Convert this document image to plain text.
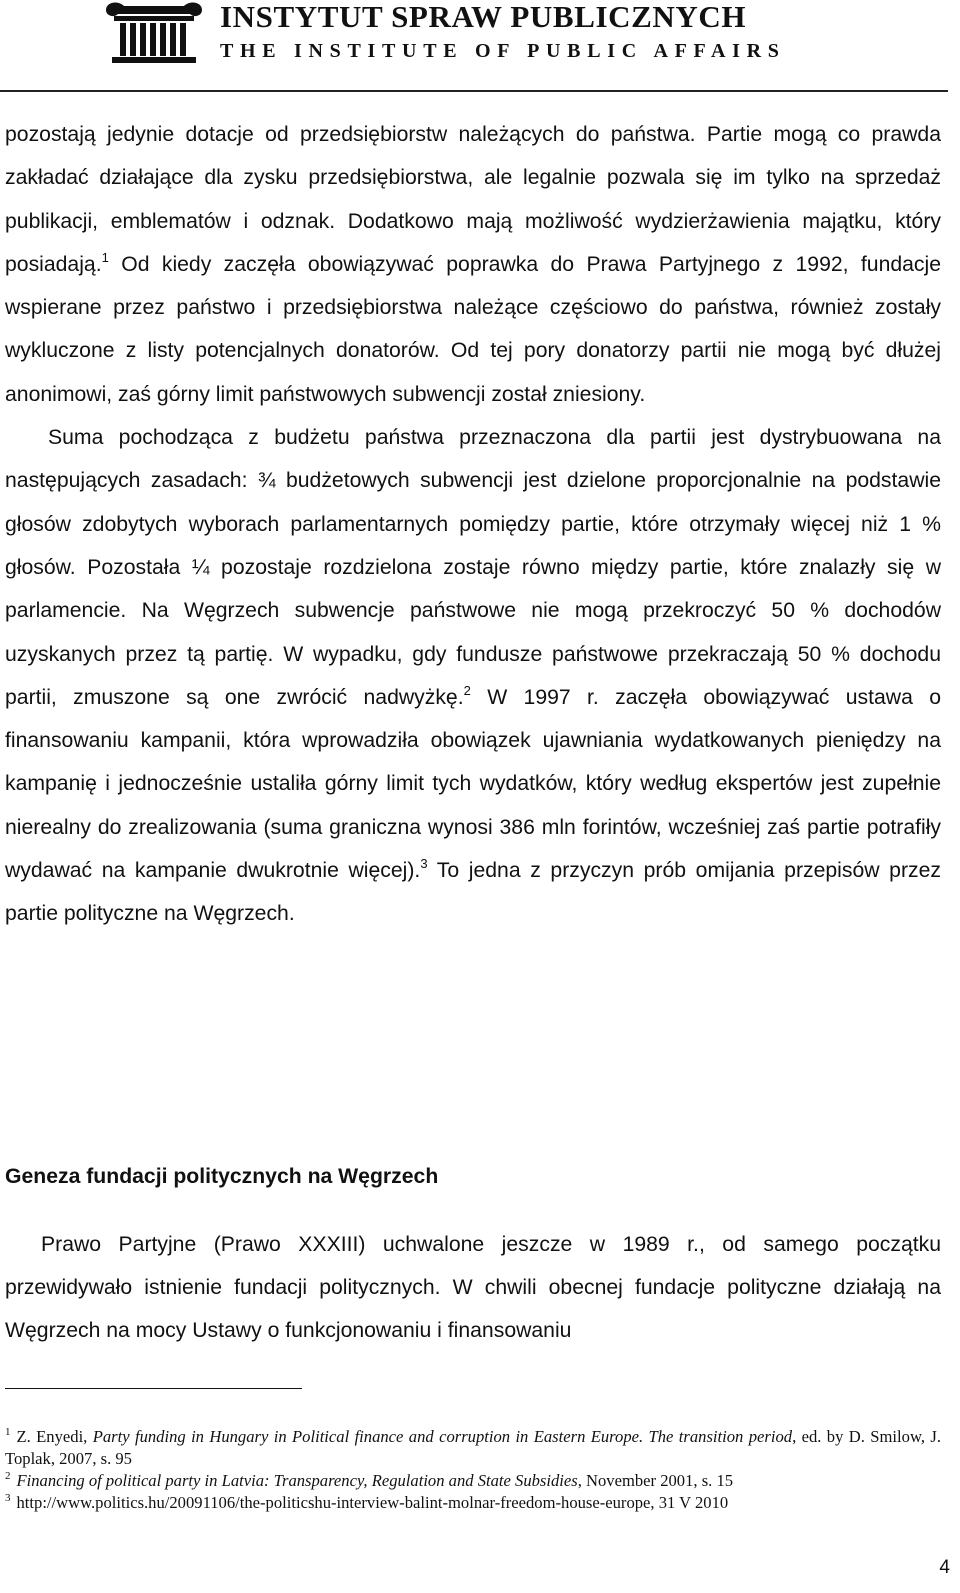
INSTYTUT SPRAW PUBLICZNYCH
THE INSTITUTE OF PUBLIC AFFAIRS

pozostają jedynie dotacje od przedsiębiorstw należących do państwa. Partie mogą co prawda zakładać działające dla zysku przedsiębiorstwa, ale legalnie pozwala się im tylko na sprzedaż publikacji, emblematów i odznak. Dodatkowo mają możliwość wydzierżawienia majątku, który posiadają.$^1$ Od kiedy zaczęła obowiązywać poprawka do Prawa Partyjnego z 1992, fundacje wspierane przez państwo i przedsiębiorstwa należące częściowo do państwa, również zostały wykluczone z listy potencjalnych donatorów. Od tej pory donatorzy partii nie mogą być dłużej anonimowi, zaś górny limit państwowych subwencji został zniesiony.

Suma pochodząca z budżetu państwa przeznaczona dla partii jest dystrybuowana na następujących zasadach: ¾ budżetowych subwencji jest dzielone proporcjonalnie na podstawie głosów zdobytych wyborach parlamentarnych pomiędzy partie, które otrzymały więcej niż 1 % głosów. Pozostała ¼ pozostaje rozdzielona zostaje równo między partie, które znalazły się w parlamencie. Na Węgrzech subwencje państwowe nie mogą przekroczyć 50 % dochodów uzyskanych przez tą partię. W wypadku, gdy fundusze państwowe przekraczają 50 % dochodu partii, zmuszone są one zwrócić nadwyżkę.$^2$ W 1997 r. zaczęła obowiązywać ustawa o finansowaniu kampanii, która wprowadziła obowiązek ujawniania wydatkowanych pieniędzy na kampanię i jednocześnie ustaliła górny limit tych wydatków, który według ekspertów jest zupełnie nierealny do zrealizowania (suma graniczna wynosi 386 mln forintów, wcześniej zaś partie potrafiły wydawać na kampanie dwukrotnie więcej).$^3$ To jedna z przyczyn prób omijania przepisów przez partie polityczne na Węgrzech.

Geneza fundacji politycznych na Węgrzech

Prawo Partyjne (Prawo XXXIII) uchwalone jeszcze w 1989 r., od samego początku przewidywało istnienie fundacji politycznych. W chwili obecnej fundacje polityczne działają na Węgrzech na mocy Ustawy o funkcjonowaniu i finansowaniu

$^1$ Z. Enyedi, Party funding in Hungary in Political finance and corruption in Eastern Europe. The transition period, ed. by D. Smilow, J. Toplak, 2007, s. 95

$^2$ Financing of political party in Latvia: Transparency, Regulation and State Subsidies, November 2001, s. 15

$^3$ http://www.politics.hu/20091106/the-politicshu-interview-balint-molnar-freedom-house-europe, 31 V 2010

4
